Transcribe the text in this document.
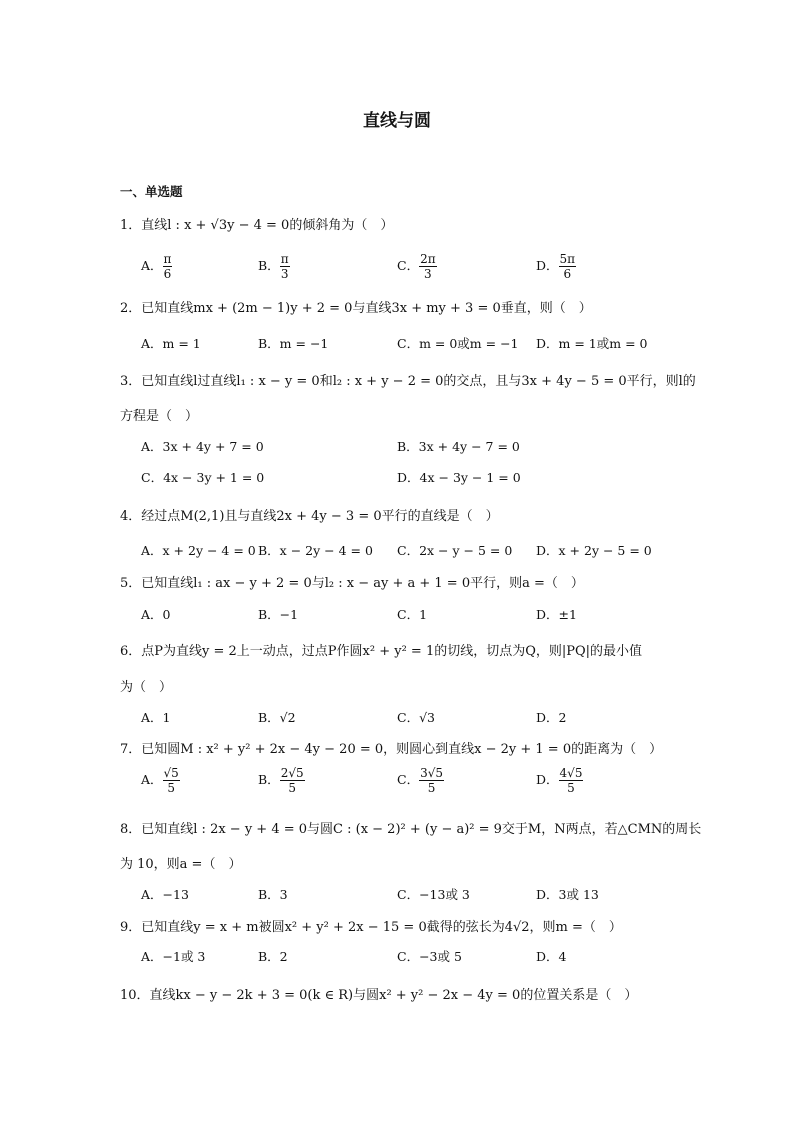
直线与圆
一、单选题
1．直线l : x + √3y − 4 = 0的倾斜角为（　）
A． $\frac{\pi}{6}$	B． $\frac{\pi}{3}$	C． $\frac{2\pi}{3}$	D． $\frac{5\pi}{6}$
2．已知直线mx + (2m − 1)y + 2 = 0与直线3x + my + 3 = 0垂直，则（　）
A．m = 1	B．m = −1	C．m = 0或m = −1 D．m = 1或m = 0
3．已知直线l过直线l₁ : x − y = 0和l₂ : x + y − 2 = 0的交点，且与3x + 4y − 5 = 0平行，则l的
方程是（　）
A．3x + 4y + 7 = 0	B．3x + 4y − 7 = 0
C．4x − 3y + 1 = 0	D．4x − 3y − 1 = 0
4．经过点M(2,1)且与直线2x + 4y − 3 = 0平行的直线是（　）
A．x + 2y − 4 = 0 B．x − 2y − 4 = 0 C．2x − y − 5 = 0 D．x + 2y − 5 = 0
5．已知直线l₁ : ax − y + 2 = 0与l₂ : x − ay + a + 1 = 0平行，则a =（　）
A．0	B．−1	C．1	D．±1
6．点P为直线y = 2上一动点，过点P作圆x² + y² = 1的切线，切点为Q，则|PQ|的最小值
为（　）
A．1	B．√2	C．√3	D．2
7．已知圆M : x² + y² + 2x − 4y − 20 = 0，则圆心到直线x − 2y + 1 = 0的距离为（　）
A． $\frac{√5}{5}$	B． $\frac{2√5}{5}$	C． $\frac{3√5}{5}$	D． $\frac{4√5}{5}$
8．已知直线l : 2x − y + 4 = 0与圆C : (x − 2)² + (y − a)² = 9交于M，N两点，若△CMN的周长
为 10，则a =（　）
A．−13	B．3	C．−13或 3	D．3或 13
9．已知直线y = x + m被圆x² + y² + 2x − 15 = 0截得的弦长为4√2，则m =（　）
A．−1或 3	B．2	C．−3或 5	D．4
10．直线kx − y − 2k + 3 = 0(k ∈ R)与圆x² + y² − 2x − 4y = 0的位置关系是（　）
